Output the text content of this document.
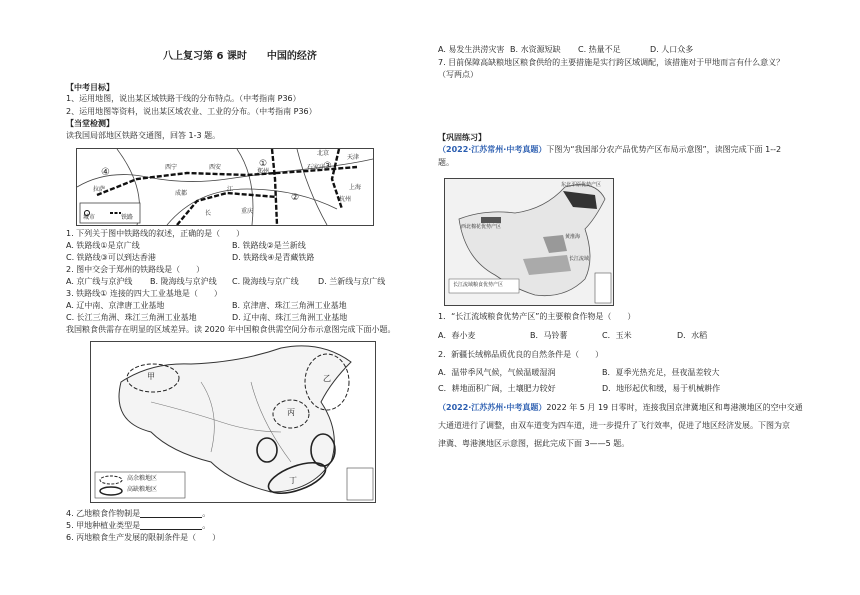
八上复习第 6 课时　　中国的经济
【中考目标】
1、运用地图，说出某区域铁路干线的分布特点。（中考指南 P36）
2、运用地图等资料，说出某区域农业、工业的分布。（中考指南 P36）
【当堂检测】
读我国局部地区铁路交通图，回答 1-3 题。
④
拉萨
西宁	西安
郑州
①
北京
石家庄
③
天津
上海
杭州
成都
重庆
长
江
②
城市	铁路
1. 下列关于图中铁路线的叙述，正确的是（　　）
A. 铁路线①是京广线	B. 铁路线②是兰新线
C. 铁路线③可以到达香港	D. 铁路线④是青藏铁路
2. 图中交会于郑州的铁路线是（　　）
A. 京广线与京沪线 B. 陇海线与京沪线 C. 陇海线与京广线 D. 兰新线与京广线
3. 铁路线① 连接的四大工业基地是（　　）
A. 辽中南、京津唐工业基地	B. 京津唐、珠江三角洲工业基地
C. 长江三角洲、珠江三角洲工业基地	D. 辽中南、珠江三角洲工业基地
我国粮食供需存在明显的区域差异。读 2020 年中国粮食供需空间分布示意图完成下面小题。
甲	乙
丙
丁
高余粮地区
高缺粮地区
4. 乙地粮食作物制是	。
5. 甲地种植业类型是	。
6. 丙地粮食生产发展的限制条件是（　　）
A. 易发生洪涝灾害 B. 水资源短缺 C. 热量不足	D. 人口众多
7. 目前保障高缺粮地区粮食供给的主要措施是实行跨区域调配，该措施对于甲地而言有什么意义？
（写两点）
【巩固练习】
（2022·江苏常州·中考真题）下图为“我国部分农产品优势产区布局示意图”，读图完成下面 1--2
题。
东北平原优势产区
西北棉花优势产区
黄淮海
长江流域
长江流域粮食优势产区
1．“长江流域粮食优势产区”的主要粮食作物是（　　）
A．春小麦	B．马铃薯	C．玉米	D．水稻
2．新疆长绒棉品质优良的自然条件是（　　）
A．温带季风气候，气候温暖湿润	B．夏季光热充足，昼夜温差较大
C．耕地面积广阔，土壤肥力较好	D．地形起伏和缓，易于机械耕作
（2022·江苏苏州·中考真题）2022 年 5 月 19 日零时，连接我国京津冀地区和粤港澳地区的空中交通
大通道进行了调整，由双车道变为四车道，进一步提升了飞行效率，促进了地区经济发展。下图为京
津冀、粤港澳地区示意图，据此完成下面 3——5 题。
